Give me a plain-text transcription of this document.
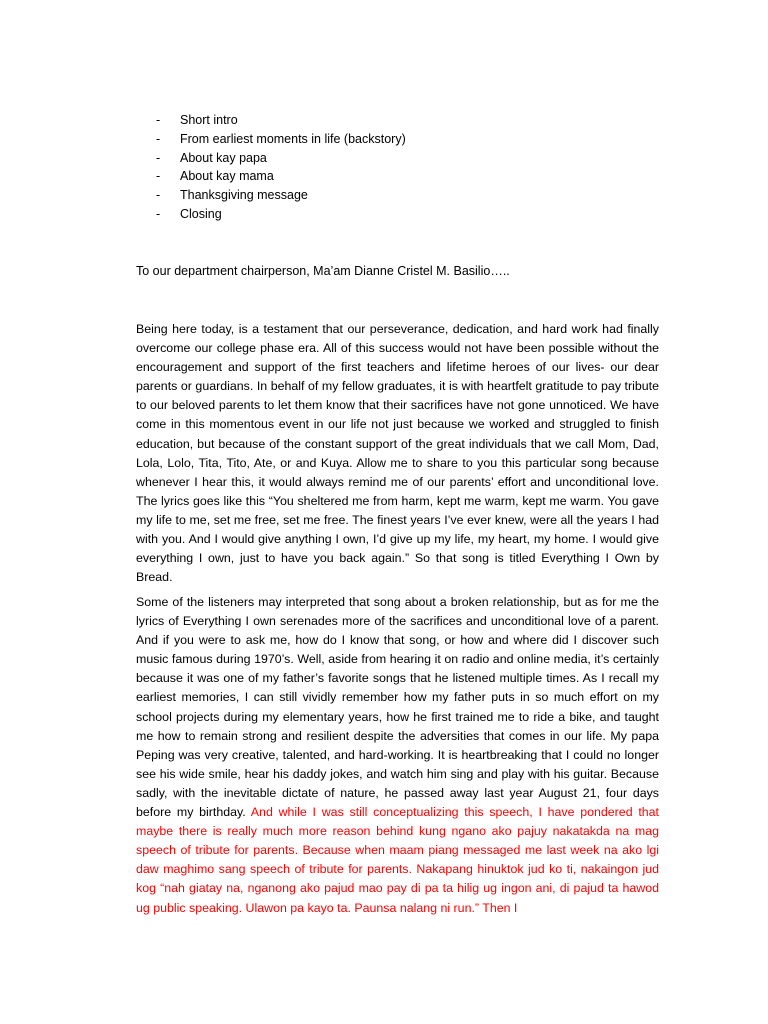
-	Short intro
-	From earliest moments in life (backstory)
-	About kay papa
-	About kay mama
-	Thanksgiving message
-	Closing

To our department chairperson, Ma’am Dianne Cristel M. Basilio…..

Being here today, is a testament that our perseverance, dedication, and hard work had finally overcome our college phase era. All of this success would not have been possible without the encouragement and support of the first teachers and lifetime heroes of our lives- our dear parents or guardians. In behalf of my fellow graduates, it is with heartfelt gratitude to pay tribute to our beloved parents to let them know that their sacrifices have not gone unnoticed. We have come in this momentous event in our life not just because we worked and struggled to finish education, but because of the constant support of the great individuals that we call Mom, Dad, Lola, Lolo, Tita, Tito, Ate, or and Kuya. Allow me to share to you this particular song because whenever I hear this, it would always remind me of our parents’ effort and unconditional love. The lyrics goes like this “You sheltered me from harm, kept me warm, kept me warm. You gave my life to me, set me free, set me free. The finest years I’ve ever knew, were all the years I had with you. And I would give anything I own, I’d give up my life, my heart, my home. I would give everything I own, just to have you back again.” So that song is titled Everything I Own by Bread.

Some of the listeners may interpreted that song about a broken relationship, but as for me the lyrics of Everything I own serenades more of the sacrifices and unconditional love of a parent. And if you were to ask me, how do I know that song, or how and where did I discover such music famous during 1970’s. Well, aside from hearing it on radio and online media, it’s certainly because it was one of my father’s favorite songs that he listened multiple times. As I recall my earliest memories, I can still vividly remember how my father puts in so much effort on my school projects during my elementary years, how he first trained me to ride a bike, and taught me how to remain strong and resilient despite the adversities that comes in our life. My papa Peping was very creative, talented, and hard-working. It is heartbreaking that I could no longer see his wide smile, hear his daddy jokes, and watch him sing and play with his guitar. Because sadly, with the inevitable dictate of nature, he passed away last year August 21, four days before my birthday. And while I was still conceptualizing this speech, I have pondered that maybe there is really much more reason behind kung ngano ako pajuy nakatakda na mag speech of tribute for parents. Because when maam piang messaged me last week na ako lgi daw maghimo sang speech of tribute for parents. Nakapang hinuktok jud ko ti, nakaingon jud kog “nah giatay na, nganong ako pajud mao pay di pa ta hilig ug ingon ani, di pajud ta hawod ug public speaking. Ulawon pa kayo ta. Paunsa nalang ni run.” Then I
